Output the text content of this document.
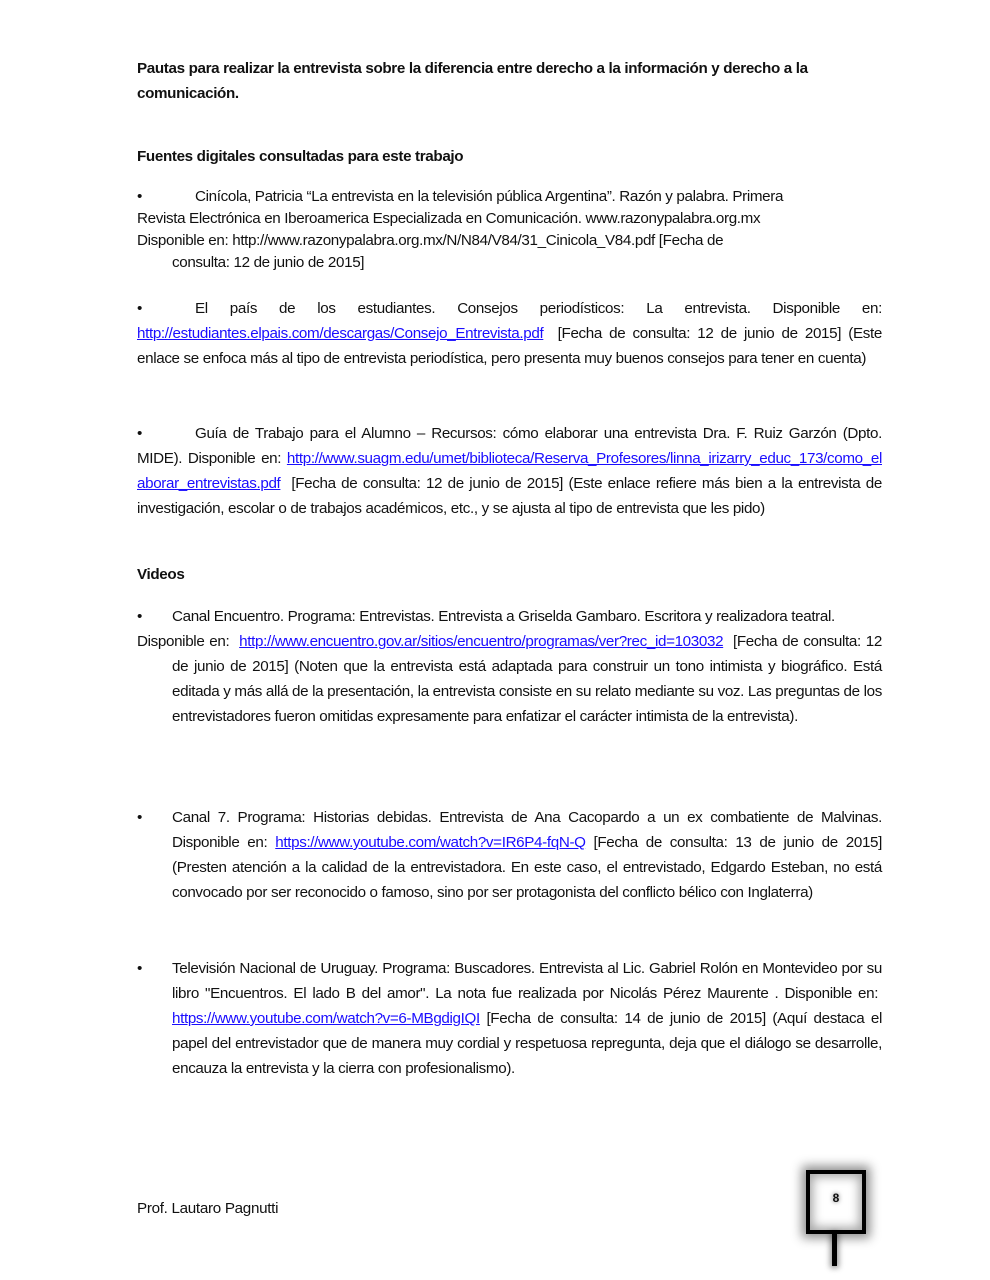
Pautas para realizar la entrevista sobre la diferencia entre derecho a la información y derecho a la
comunicación.
Fuentes digitales consultadas para este trabajo
•	Cinícola, Patricia “La entrevista en la televisión pública Argentina”. Razón y palabra. Primera
Revista Electrónica en Iberoamerica Especializada en Comunicación. www.razonypalabra.org.mx
Disponible en: http://www.razonypalabra.org.mx/N/N84/V84/31_Cinicola_V84.pdf [Fecha de
consulta: 12 de junio de 2015]
•	El país de los estudiantes. Consejos periodísticos: La entrevista. Disponible en: http://estudiantes.elpais.com/descargas/Consejo_Entrevista.pdf [Fecha de consulta: 12 de junio de 2015] (Este enlace se enfoca más al tipo de entrevista periodística, pero presenta muy buenos consejos para tener en cuenta)
•	Guía de Trabajo para el Alumno – Recursos: cómo elaborar una entrevista Dra. F. Ruiz Garzón (Dpto. MIDE). Disponible en: http://www.suagm.edu/umet/biblioteca/Reserva_Profesores/linna_irizarry_educ_173/como_elaborar_entrevistas.pdf [Fecha de consulta: 12 de junio de 2015] (Este enlace refiere más bien a la entrevista de investigación, escolar o de trabajos académicos, etc., y se ajusta al tipo de entrevista que les pido)
Videos
• Canal Encuentro. Programa: Entrevistas. Entrevista a Griselda Gambaro. Escritora y realizadora teatral.
Disponible en: http://www.encuentro.gov.ar/sitios/encuentro/programas/ver?rec_id=103032 [Fecha de consulta: 12 de junio de 2015] (Noten que la entrevista está adaptada para construir un tono intimista y biográfico. Está editada y más allá de la presentación, la entrevista consiste en su relato mediante su voz. Las preguntas de los entrevistadores fueron omitidas expresamente para enfatizar el carácter intimista de la entrevista).
• Canal 7. Programa: Historias debidas. Entrevista de Ana Cacopardo a un ex combatiente de Malvinas. Disponible en: https://www.youtube.com/watch?v=IR6P4-fqN-Q [Fecha de consulta: 13 de junio de 2015] (Presten atención a la calidad de la entrevistadora. En este caso, el entrevistado, Edgardo Esteban, no está convocado por ser reconocido o famoso, sino por ser protagonista del conflicto bélico con Inglaterra)
• Televisión Nacional de Uruguay. Programa: Buscadores. Entrevista al Lic. Gabriel Rolón en Montevideo por su libro "Encuentros. El lado B del amor". La nota fue realizada por Nicolás Pérez Maurente . Disponible en:  https://www.youtube.com/watch?v=6-MBgdigIQI [Fecha de consulta: 14 de junio de 2015] (Aquí destaca el papel del entrevistador que de manera muy cordial y respetuosa repregunta, deja que el diálogo se desarrolle, encauza la entrevista y la cierra con profesionalismo).
Prof. Lautaro Pagnutti
8
